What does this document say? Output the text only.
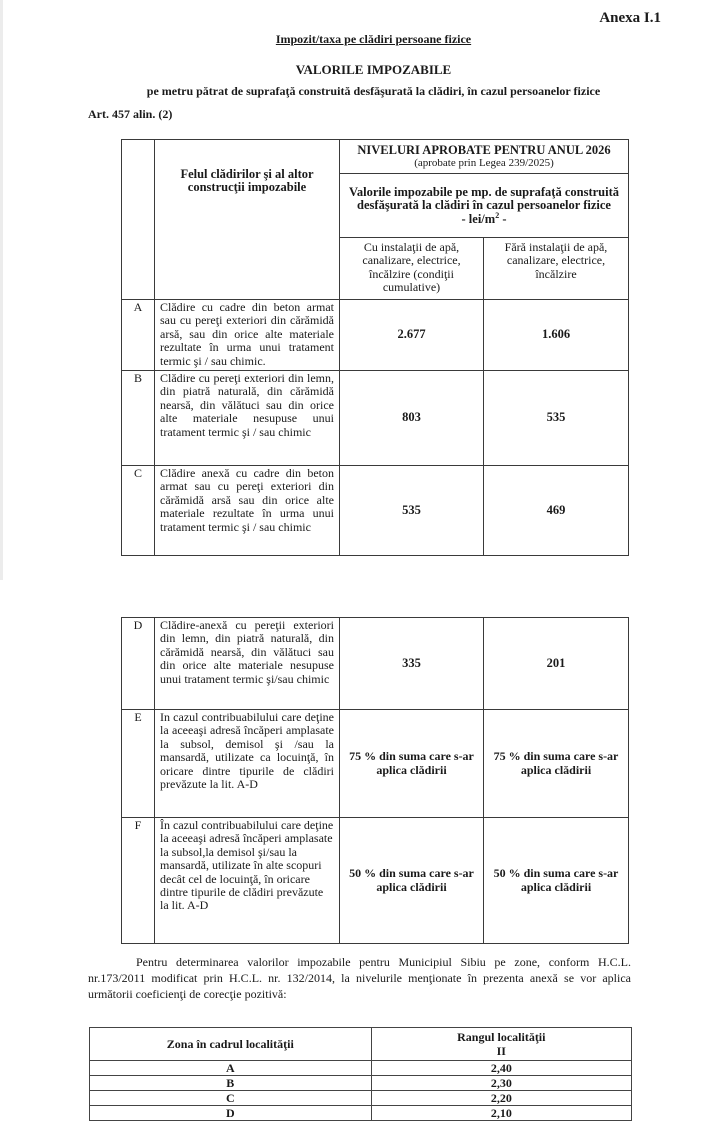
Anexa I.1
Impozit/taxa pe clădiri persoane fizice
VALORILE IMPOZABILE
pe metru pătrat de suprafaţă construită desfăşurată la clădiri, în cazul persoanelor fizice
Art. 457 alin. (2)
	Felul clădirilor şi al altor construcţii impozabile	NIVELURI APROBATE PENTRU ANUL 2026
(aprobate prin Legea 239/2025)	

		Valorile impozabile pe mp. de suprafaţă construită desfăşurată la clădiri în cazul persoanelor fizice
- lei/$m^2$ -	
		Cu instalaţii de apă, canalizare, electrice, încălzire (condiţii cumulative)	Fără instalaţii de apă, canalizare, electrice, încălzire
A	Clădire cu cadre din beton armat sau cu pereţi exteriori din cărămidă arsă, sau din orice alte materiale rezultate în urma unui tratament termic şi / sau chimic.	2.677	1.606
B	Clădire cu pereţi exteriori din lemn, din piatră naturală, din cărămidă nearsă, din vălătuci sau din orice alte materiale nesupuse unui tratament termic şi / sau chimic	803	535
C	Clădire anexă cu cadre din beton armat sau cu pereţi exteriori din cărămidă arsă sau din orice alte materiale rezultate în urma unui tratament termic şi / sau chimic	535	469
D	Clădire-anexă cu pereţii exteriori din lemn, din piatră naturală, din cărămidă nearsă, din vălătuci sau din orice alte materiale nesupuse unui tratament termic şi/sau chimic	335	201
E	In cazul contribuabilului care deţine la aceeaşi adresă încăperi amplasate la subsol, demisol şi /sau la mansardă, utilizate ca locuinţă, în oricare dintre tipurile de clădiri prevăzute la lit. A-D	75 % din suma care s-ar aplica clădirii	75 % din suma care s-ar aplica clădirii
F	În cazul contribuabilului care deţine la aceeaşi adresă încăperi amplasate la subsol,la demisol şi/sau la mansardă, utilizate în alte scopuri decât cel de locuinţă, în oricare dintre tipurile de clădiri prevăzute la lit. A-D	50 % din suma care s-ar aplica clădirii	50 % din suma care s-ar aplica clădirii
Pentru determinarea valorilor impozabile pentru Municipiul Sibiu pe zone, conform H.C.L. nr.173/2011 modificat prin H.C.L. nr. 132/2014, la nivelurile menţionate în prezenta anexă se vor aplica următorii coeficienţi de corecţie pozitivă:
Zona în cadrul localităţii	Rangul localităţii
II
A	2,40
B	2,30
C	2,20
D	2,10
